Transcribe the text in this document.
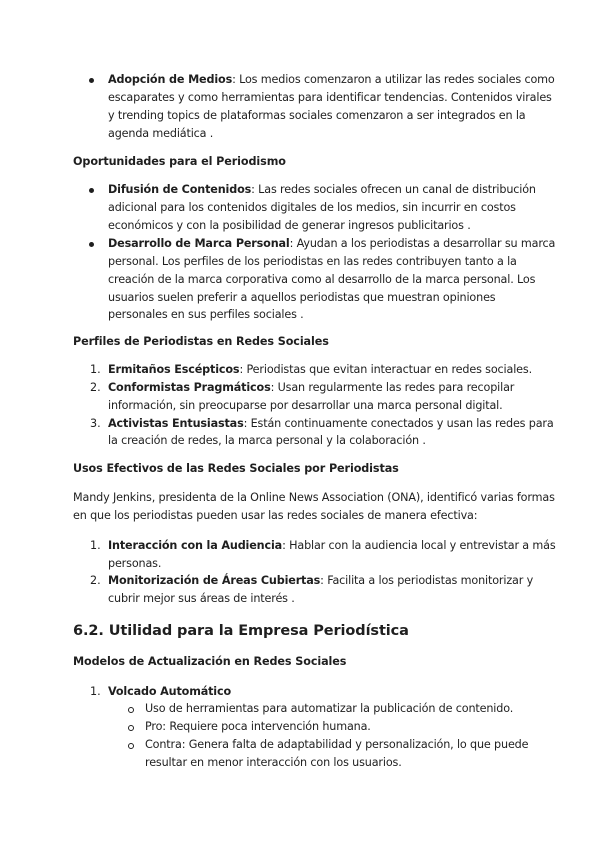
Adopción de Medios: Los medios comenzaron a utilizar las redes sociales como
escaparates y como herramientas para identificar tendencias. Contenidos virales
y trending topics de plataformas sociales comenzaron a ser integrados en la
agenda mediática .
Oportunidades para el Periodismo
Difusión de Contenidos: Las redes sociales ofrecen un canal de distribución
adicional para los contenidos digitales de los medios, sin incurrir en costos
económicos y con la posibilidad de generar ingresos publicitarios .
Desarrollo de Marca Personal: Ayudan a los periodistas a desarrollar su marca
personal. Los perfiles de los periodistas en las redes contribuyen tanto a la
creación de la marca corporativa como al desarrollo de la marca personal. Los
usuarios suelen preferir a aquellos periodistas que muestran opiniones
personales en sus perfiles sociales .
Perfiles de Periodistas en Redes Sociales
1. Ermitaños Escépticos: Periodistas que evitan interactuar en redes sociales.
2. Conformistas Pragmáticos: Usan regularmente las redes para recopilar
información, sin preocuparse por desarrollar una marca personal digital.
3. Activistas Entusiastas: Están continuamente conectados y usan las redes para
la creación de redes, la marca personal y la colaboración .
Usos Efectivos de las Redes Sociales por Periodistas
Mandy Jenkins, presidenta de la Online News Association (ONA), identificó varias formas
en que los periodistas pueden usar las redes sociales de manera efectiva:
1. Interacción con la Audiencia: Hablar con la audiencia local y entrevistar a más
personas.
2. Monitorización de Áreas Cubiertas: Facilita a los periodistas monitorizar y
cubrir mejor sus áreas de interés .
6.2. Utilidad para la Empresa Periodística
Modelos de Actualización en Redes Sociales
1. Volcado Automático
Uso de herramientas para automatizar la publicación de contenido.
Pro: Requiere poca intervención humana.
Contra: Genera falta de adaptabilidad y personalización, lo que puede
resultar en menor interacción con los usuarios.
